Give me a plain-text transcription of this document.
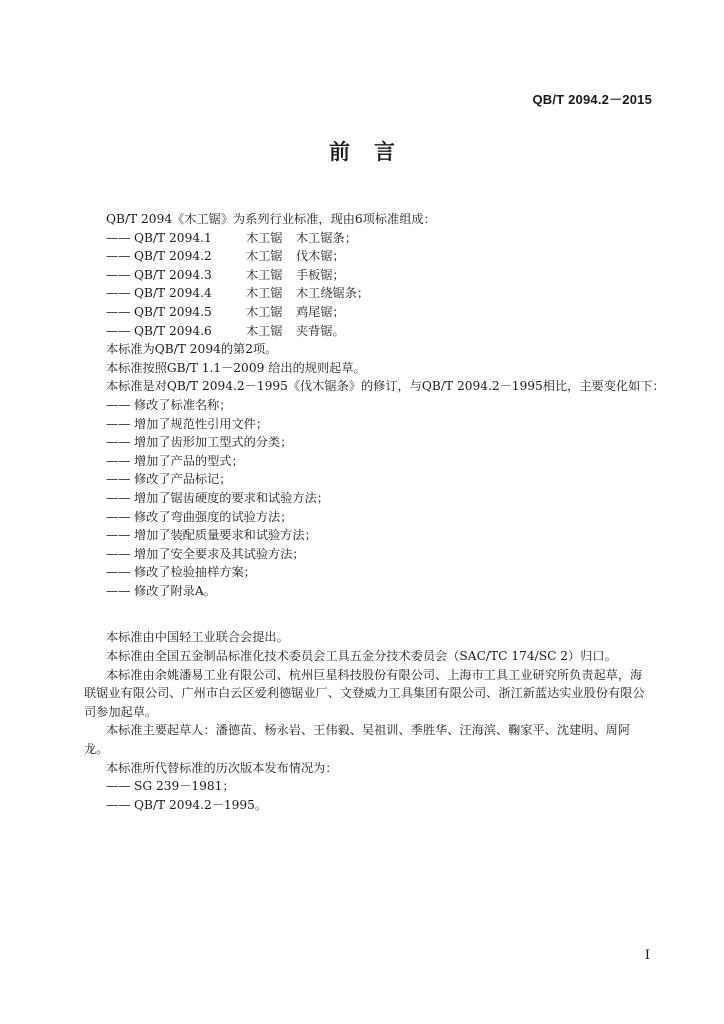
QB/T 2094.2－2015
前言
QB/T 2094《木工锯》为系列行业标准，现由6项标准组成：
—— QB/T 2094.1	木工锯 木工锯条；
—— QB/T 2094.2	木工锯 伐木锯；
—— QB/T 2094.3	木工锯 手板锯；
—— QB/T 2094.4	木工锯 木工绕锯条；
—— QB/T 2094.5	木工锯 鸡尾锯；
—— QB/T 2094.6	木工锯 夹背锯。
本标准为QB/T 2094的第2项。
本标准按照GB/T 1.1－2009 给出的规则起草。
本标准是对QB/T 2094.2－1995《伐木锯条》的修订，与QB/T 2094.2－1995相比，主要变化如下：
—— 修改了标准名称；
—— 增加了规范性引用文件；
—— 增加了齿形加工型式的分类；
—— 增加了产品的型式；
—— 修改了产品标记；
—— 增加了锯齿硬度的要求和试验方法；
—— 修改了弯曲强度的试验方法；
—— 增加了装配质量要求和试验方法；
—— 增加了安全要求及其试验方法；
—— 修改了检验抽样方案；
—— 修改了附录A。
本标准由中国轻工业联合会提出。
本标准由全国五金制品标准化技术委员会工具五金分技术委员会（SAC/TC 174/SC 2）归口。
本标准由余姚潘易工业有限公司、杭州巨星科技股份有限公司、上海市工具工业研究所负责起草，海联锯业有限公司、广州市白云区爱利德锯业厂、文登威力工具集团有限公司、浙江新蓝达实业股份有限公司参加起草。
本标准主要起草人：潘德苗、杨永岩、王伟毅、吴祖训、季胜华、汪海滨、鞠家平、沈建明、周阿龙。
本标准所代替标准的历次版本发布情况为：
—— SG 239－1981；
—— QB/T 2094.2－1995。
I
